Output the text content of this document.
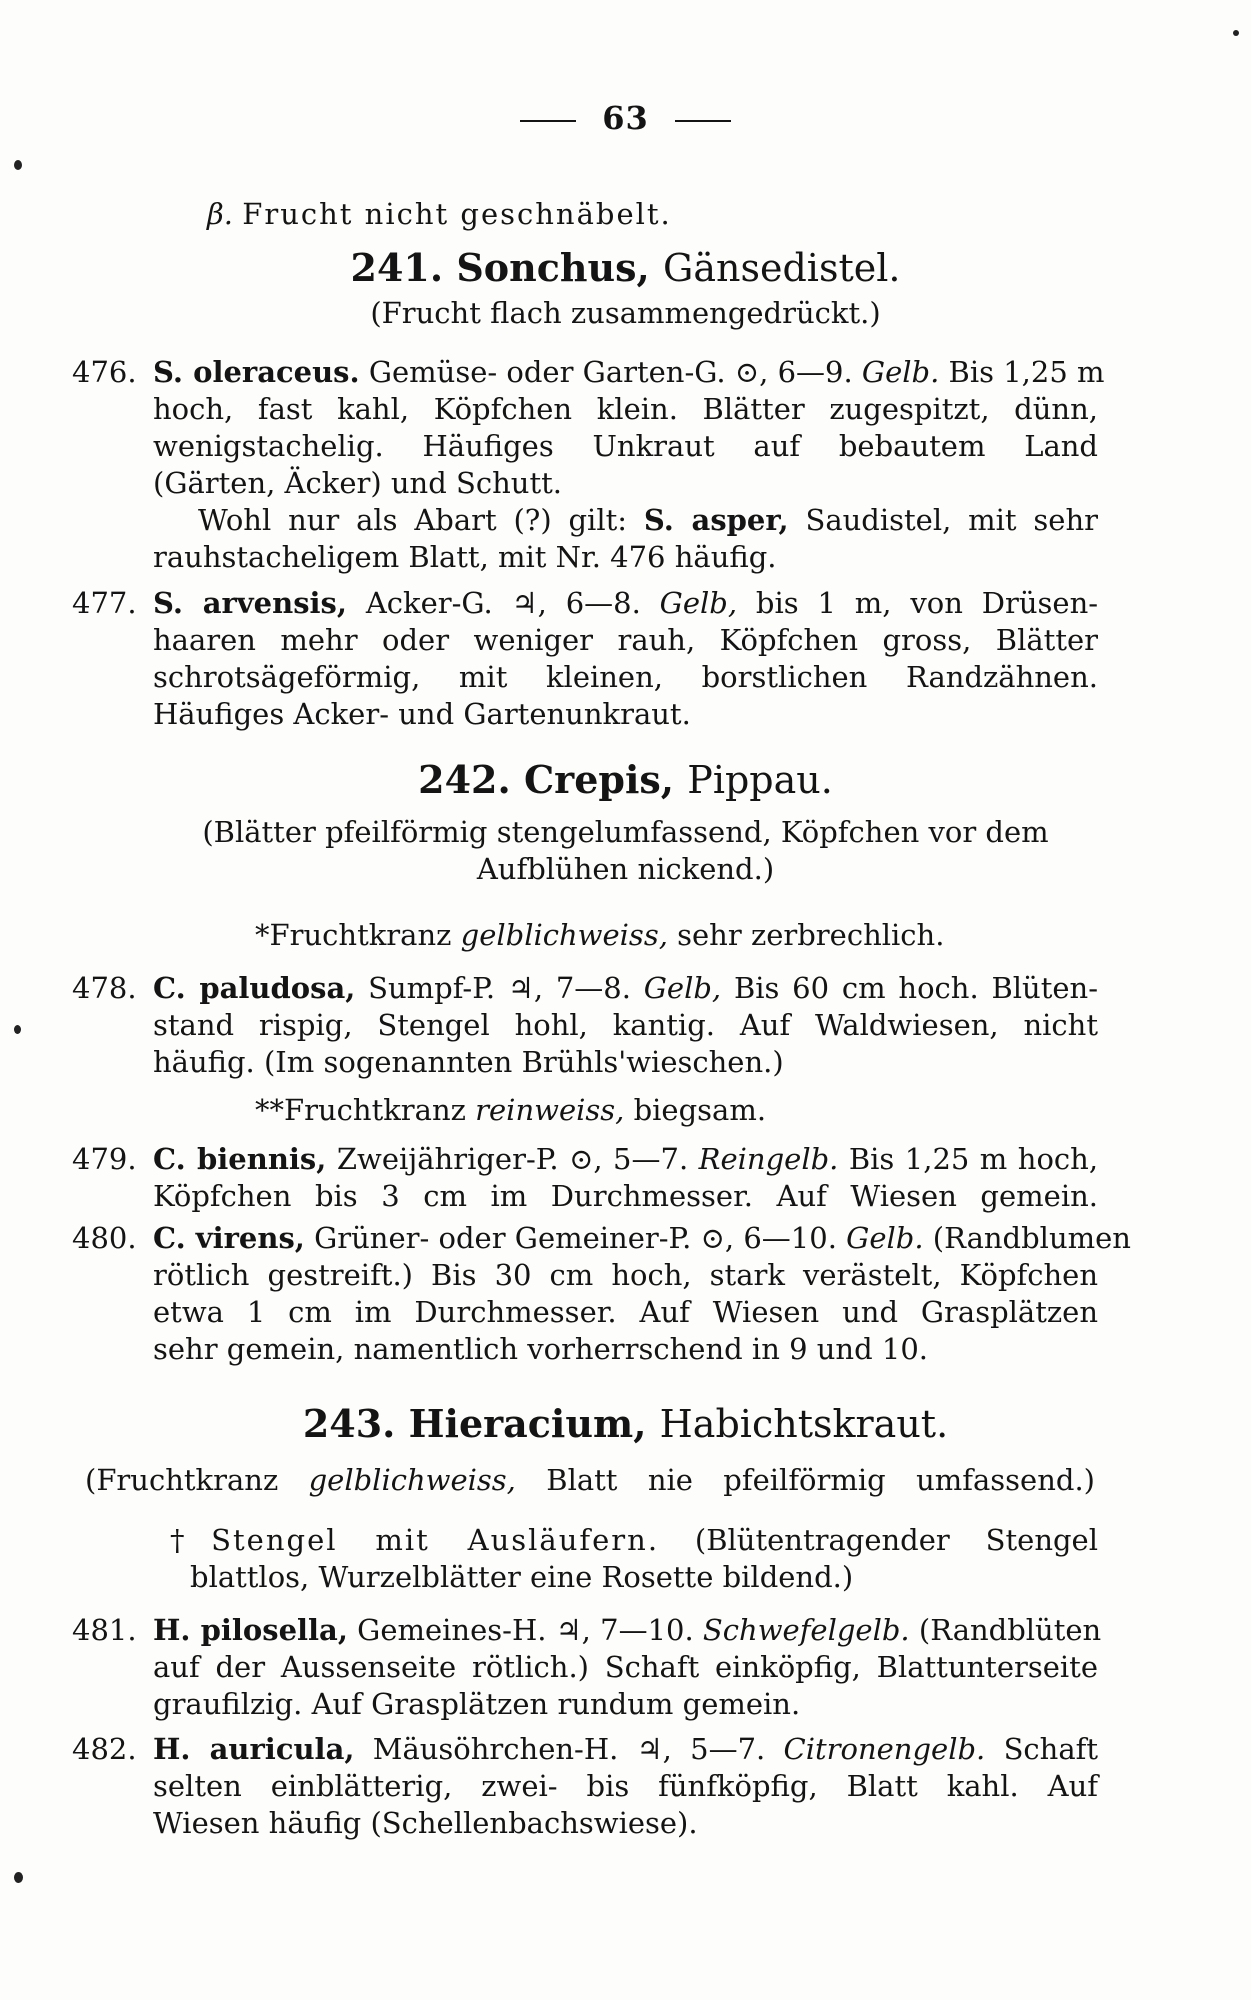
63
β. Frucht nicht geschnäbelt.
241. Sonchus, Gänsedistel.
(Frucht flach zusammengedrückt.)
476. S. oleraceus. Gemüse- oder Garten-G. ⊙, 6—9. Gelb. Bis 1,25 m
hoch, fast kahl, Köpfchen klein. Blätter zugespitzt, dünn,
wenigstachelig. Häufiges Unkraut auf bebautem Land
(Gärten, Äcker) und Schutt.
Wohl nur als Abart (?) gilt: S. asper, Saudistel, mit sehr
rauhstacheligem Blatt, mit Nr. 476 häufig.
477. S. arvensis, Acker-G. ♃, 6—8. Gelb, bis 1 m, von Drüsen-
haaren mehr oder weniger rauh, Köpfchen gross, Blätter
schrotsägeförmig, mit kleinen, borstlichen Randzähnen.
Häufiges Acker- und Gartenunkraut.
242. Crepis, Pippau.
(Blätter pfeilförmig stengelumfassend, Köpfchen vor dem
Aufblühen nickend.)
*Fruchtkranz gelblichweiss, sehr zerbrechlich.
478. C. paludosa, Sumpf-P. ♃, 7—8. Gelb, Bis 60 cm hoch. Blüten-
stand rispig, Stengel hohl, kantig. Auf Waldwiesen, nicht
häufig. (Im sogenannten Brühls'wieschen.)
**Fruchtkranz reinweiss, biegsam.
479. C. biennis, Zweijähriger-P. ⊙, 5—7. Reingelb. Bis 1,25 m hoch,
Köpfchen bis 3 cm im Durchmesser. Auf Wiesen gemein.
480. C. virens, Grüner- oder Gemeiner-P. ⊙, 6—10. Gelb. (Randblumen
rötlich gestreift.) Bis 30 cm hoch, stark verästelt, Köpfchen
etwa 1 cm im Durchmesser. Auf Wiesen und Grasplätzen
sehr gemein, namentlich vorherrschend in 9 und 10.
243. Hieracium, Habichtskraut.
(Fruchtkranz gelblichweiss, Blatt nie pfeilförmig umfassend.)
†Stengel mit Ausläufern. (Blütentragender Stengel
blattlos, Wurzelblätter eine Rosette bildend.)
481. H. pilosella, Gemeines-H. ♃, 7—10. Schwefelgelb. (Randblüten
auf der Aussenseite rötlich.) Schaft einköpfig, Blattunterseite
graufilzig. Auf Grasplätzen rundum gemein.
482. H. auricula, Mäusöhrchen-H. ♃, 5—7. Citronengelb. Schaft
selten einblätterig, zwei- bis fünfköpfig, Blatt kahl. Auf
Wiesen häufig (Schellenbachswiese).
